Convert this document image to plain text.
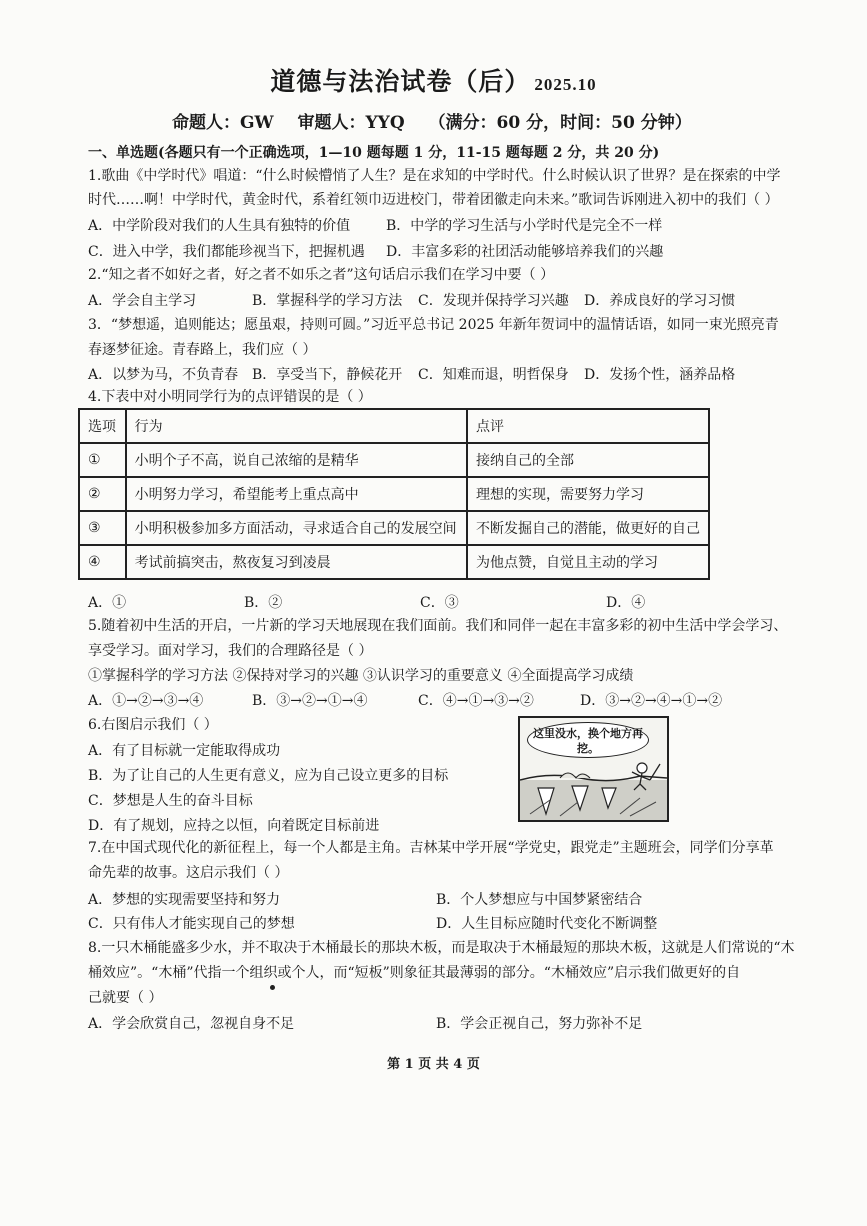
道德与法治试卷（后） 2025.10
命题人：GW 审题人：YYQ （满分：60 分，时间：50 分钟）
一、单选题(各题只有一个正确选项，1—10 题每题 1 分，11-15 题每题 2 分，共 20 分)
1.歌曲《中学时代》唱道：“什么时候懵悄了人生？是在求知的中学时代。什么时候认识了世界？是在探索的中学
时代……啊！中学时代，黄金时代，系着红领巾迈进校门，带着团徽走向未来。”歌词告诉刚进入初中的我们（ ）
A．中学阶段对我们的人生具有独特的价值	B．中学的学习生活与小学时代是完全不一样
C．进入中学，我们都能珍视当下，把握机遇 D．丰富多彩的社团活动能够培养我们的兴趣
2.“知之者不如好之者，好之者不如乐之者”这句话启示我们在学习中要（ ）
A．学会自主学习	B．掌握科学的学习方法 C．发现并保持学习兴趣 D．养成良好的学习习惯
3．“梦想遥，追则能达；愿虽艰，持则可圆。”习近平总书记 2025 年新年贺词中的温情话语，如同一束光照亮青
春逐梦征途。青春路上，我们应（ ）
A．以梦为马，不负青春 B．享受当下，静候花开 C．知难而退，明哲保身 D．发扬个性，涵养品格
4.下表中对小明同学行为的点评错误的是（ ）
选项	行为	点评
①	小明个子不高，说自己浓缩的是精华	接纳自己的全部
②	小明努力学习，希望能考上重点高中	理想的实现，需要努力学习
③	小明积极参加多方面活动，寻求适合自己的发展空间	不断发掘自己的潜能，做更好的自己
④	考试前搞突击，熬夜复习到凌晨	为他点赞，自觉且主动的学习
A．①	B．②	C．③	D．④
5.随着初中生活的开启，一片新的学习天地展现在我们面前。我们和同伴一起在丰富多彩的初中生活中学会学习、
享受学习。面对学习，我们的合理路径是（ ）
①掌握科学的学习方法 ②保持对学习的兴趣 ③认识学习的重要意义 ④全面提高学习成绩
A．①→②→③→④	B．③→②→①→④	C．④→①→③→②	D．③→②→④→①→②
6.右图启示我们（ ）
A．有了目标就一定能取得成功
B．为了让自己的人生更有意义，应为自己设立更多的目标
C．梦想是人生的奋斗目标
D．有了规划，应持之以恒，向着既定目标前进
这里没水，换个地方再挖。
7.在中国式现代化的新征程上，每一个人都是主角。吉林某中学开展“学党史，跟党走”主题班会，同学们分享革
命先辈的故事。这启示我们（ ）
A．梦想的实现需要坚持和努力	B．个人梦想应与中国梦紧密结合
C．只有伟人才能实现自己的梦想	D．人生目标应随时代变化不断调整
8.一只木桶能盛多少水，并不取决于木桶最长的那块木板，而是取决于木桶最短的那块木板，这就是人们常说的“木
桶效应”。“木桶”代指一个组织或个人，而“短板”则象征其最薄弱的部分。“木桶效应”启示我们做更好的自
己就要（ ）
A．学会欣赏自己，忽视自身不足	B．学会正视自己，努力弥补不足
第 1 页 共 4 页
